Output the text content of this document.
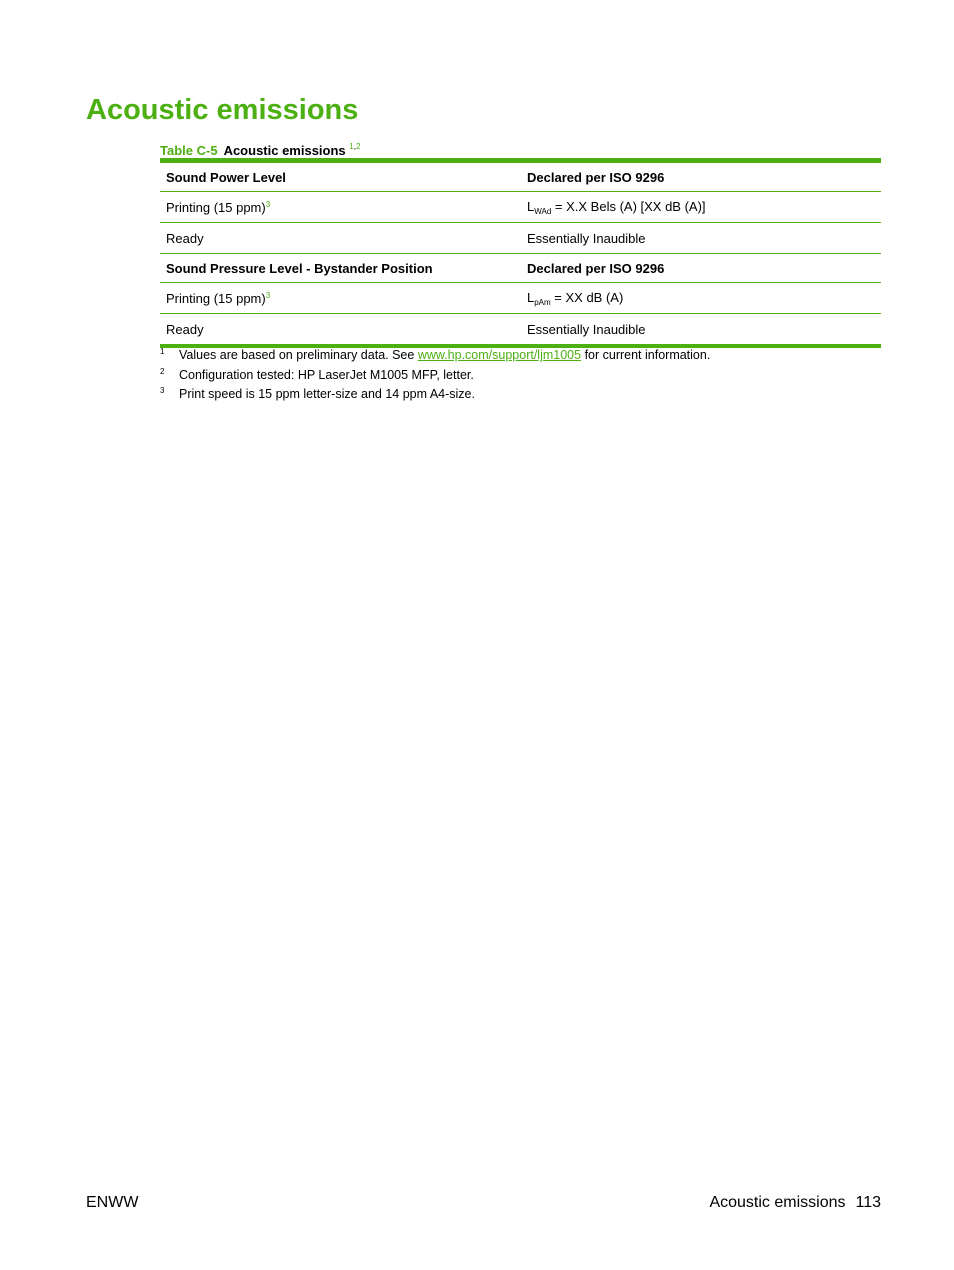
Acoustic emissions
Table C-5 Acoustic emissions $^{1,2}$
Sound Power Level	Declared per ISO 9296
Printing (15 ppm)$^3$	$L_{WAd} = X.X$ Bels (A) [XX dB (A)]
Ready	Essentially Inaudible
Sound Pressure Level - Bystander Position	Declared per ISO 9296
Printing (15 ppm)$^3$	$L_{pAm}$ = XX dB (A)
Ready	Essentially Inaudible
1 Values are based on preliminary data. See www.hp.com/support/ljm1005 for current information.
2 Configuration tested: HP LaserJet M1005 MFP, letter.
3 Print speed is 15 ppm letter-size and 14 ppm A4-size.
ENWW	Acoustic emissions 113
